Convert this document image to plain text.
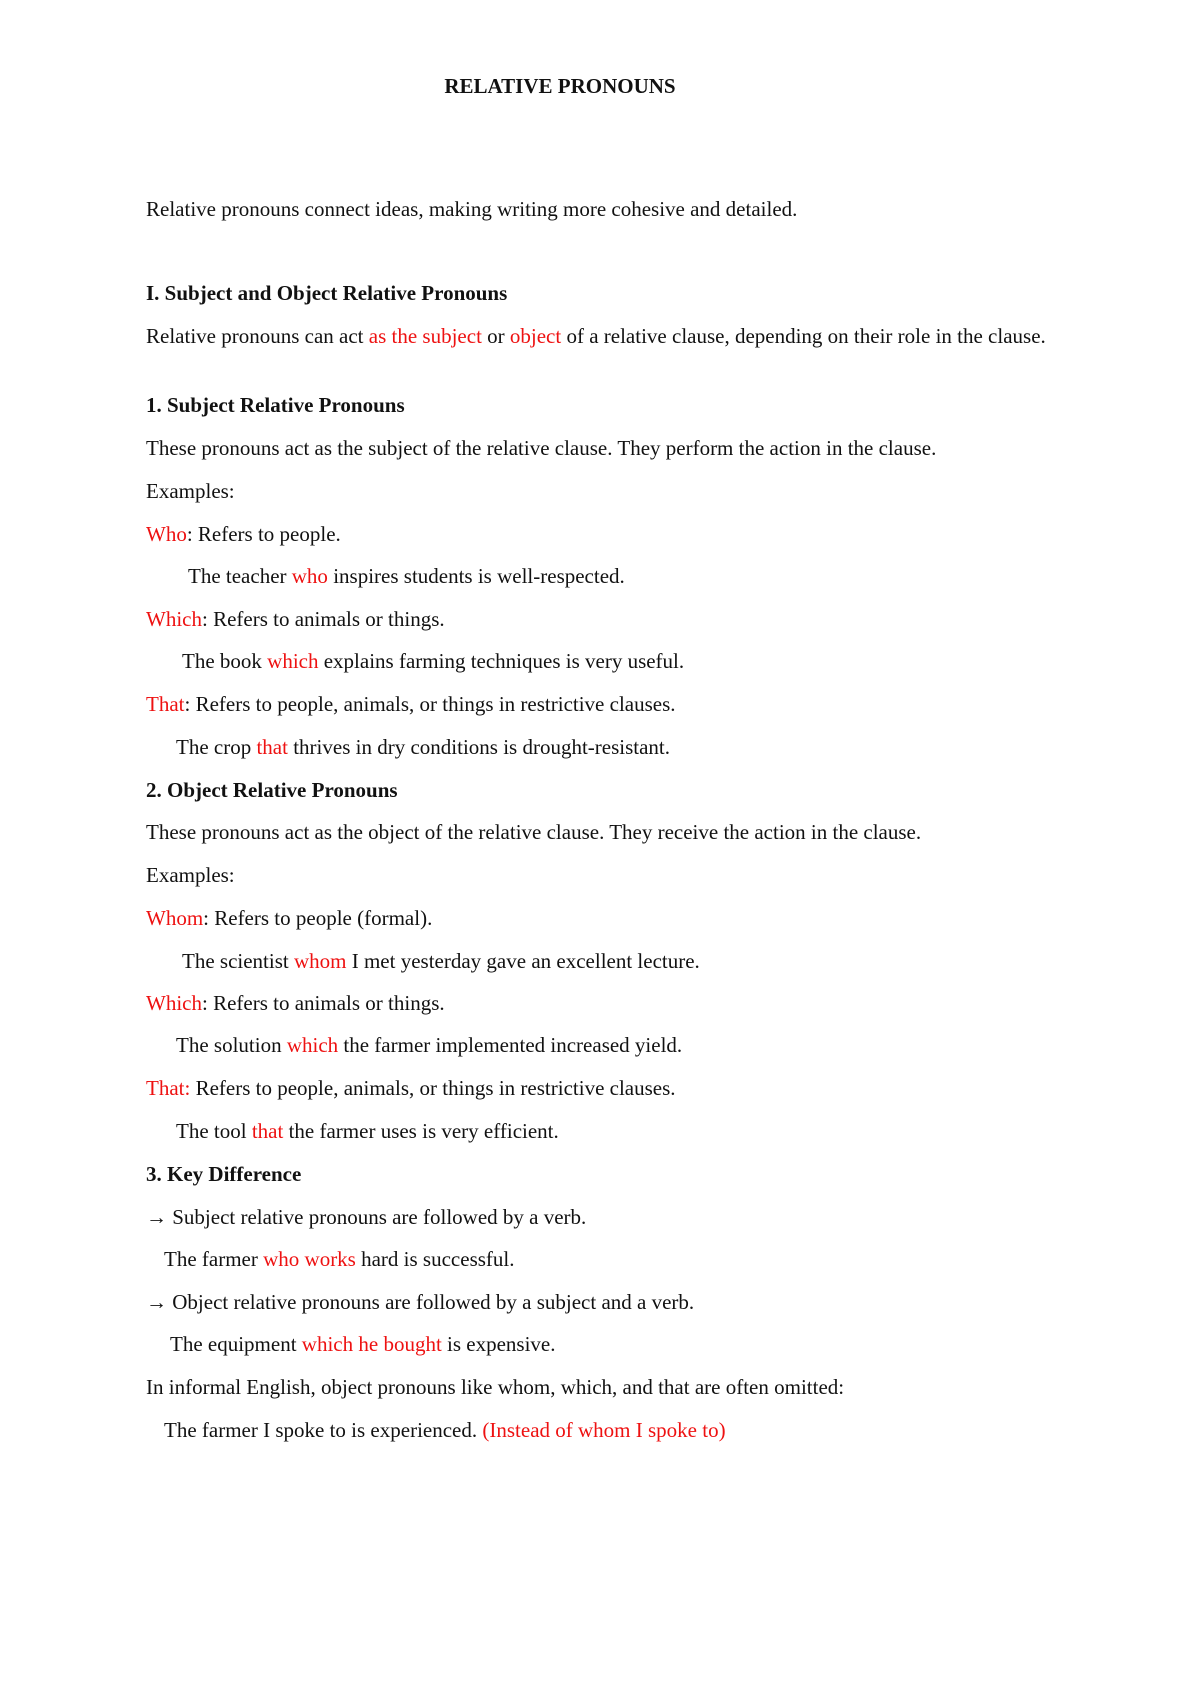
RELATIVE PRONOUNS
Relative pronouns connect ideas, making writing more cohesive and detailed.
I. Subject and Object Relative Pronouns
Relative pronouns can act as the subject or object of a relative clause, depending on their role in the clause.
1. Subject Relative Pronouns
These pronouns act as the subject of the relative clause. They perform the action in the clause.
Examples:
Who: Refers to people.
The teacher who inspires students is well-respected.
Which: Refers to animals or things.
The book which explains farming techniques is very useful.
That: Refers to people, animals, or things in restrictive clauses.
The crop that thrives in dry conditions is drought-resistant.
2. Object Relative Pronouns
These pronouns act as the object of the relative clause. They receive the action in the clause.
Examples:
Whom: Refers to people (formal).
The scientist whom I met yesterday gave an excellent lecture.
Which: Refers to animals or things.
The solution which the farmer implemented increased yield.
That: Refers to people, animals, or things in restrictive clauses.
The tool that the farmer uses is very efficient.
3. Key Difference
→ Subject relative pronouns are followed by a verb.
The farmer who works hard is successful.
→ Object relative pronouns are followed by a subject and a verb.
The equipment which he bought is expensive.
In informal English, object pronouns like whom, which, and that are often omitted:
The farmer I spoke to is experienced. (Instead of whom I spoke to)
